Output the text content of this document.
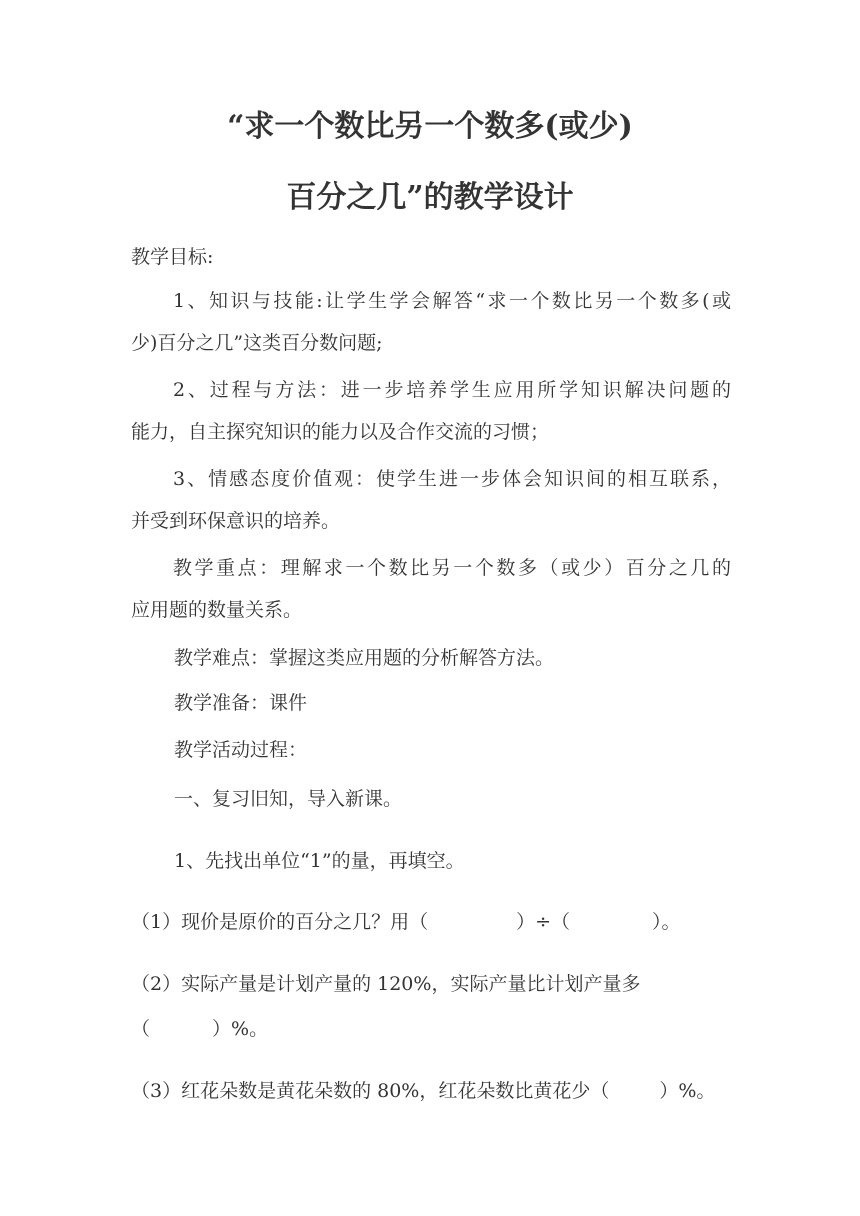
“求一个数比另一个数多(或少)
百分之几”的教学设计
教学目标:
1、知识与技能:让学生学会解答“求一个数比另一个数多(或
少)百分之几”这类百分数问题;
2、过程与方法：进一步培养学生应用所学知识解决问题的
能力，自主探究知识的能力以及合作交流的习惯；
3、情感态度价值观：使学生进一步体会知识间的相互联系，
并受到环保意识的培养。
教学重点：理解求一个数比另一个数多（或少）百分之几的
应用题的数量关系。
教学难点：掌握这类应用题的分析解答方法。
教学准备：课件
教学活动过程：
一、复习旧知，导入新课。
1、先找出单位“1”的量，再填空。
（1）现价是原价的百分之几？用（	）÷（	）。
（2）实际产量是计划产量的 120%，实际产量比计划产量多
（	）%。
（3）红花朵数是黄花朵数的 80%，红花朵数比黄花少（	）%。
